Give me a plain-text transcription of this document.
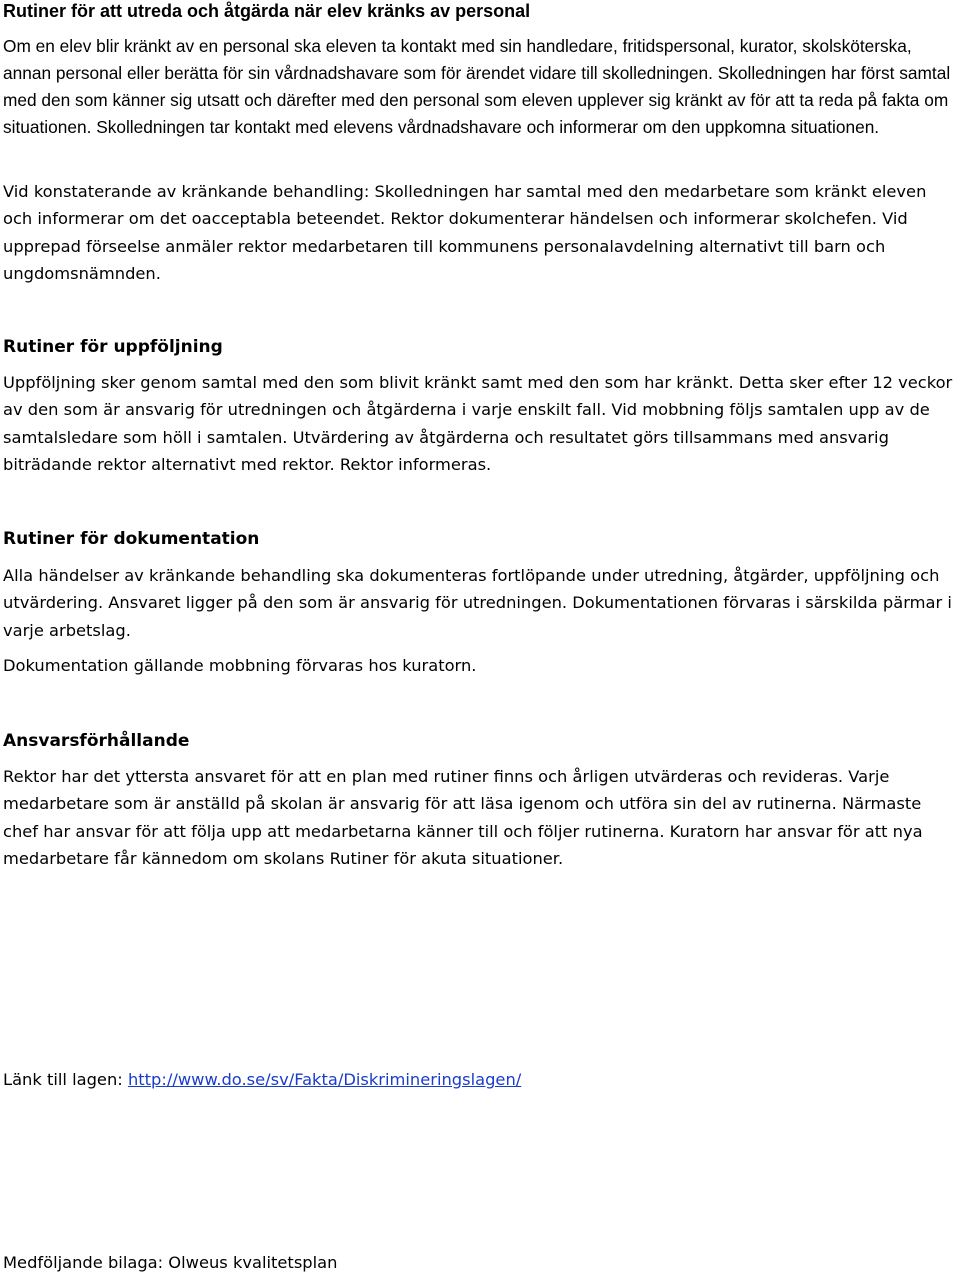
Rutiner för att utreda och åtgärda när elev kränks av personal

Om en elev blir kränkt av en personal ska eleven ta kontakt med sin handledare, fritidspersonal, kurator, skolsköterska, annan personal eller berätta för sin vårdnadshavare som för ärendet vidare till skolledningen. Skolledningen har först samtal med den som känner sig utsatt och därefter med den personal som eleven upplever sig kränkt av för att ta reda på fakta om situationen. Skolledningen tar kontakt med elevens vårdnadshavare och informerar om den uppkomna situationen.

Vid konstaterande av kränkande behandling: Skolledningen har samtal med den medarbetare som kränkt eleven och informerar om det oacceptabla beteendet. Rektor dokumenterar händelsen och informerar skolchefen. Vid upprepad förseelse anmäler rektor medarbetaren till kommunens personalavdelning alternativt till barn och ungdomsnämnden.

Rutiner för uppföljning

Uppföljning sker genom samtal med den som blivit kränkt samt med den som har kränkt. Detta sker efter 12 veckor av den som är ansvarig för utredningen och åtgärderna i varje enskilt fall. Vid mobbning följs samtalen upp av de samtalsledare som höll i samtalen. Utvärdering av åtgärderna och resultatet görs tillsammans med ansvarig biträdande rektor alternativt med rektor. Rektor informeras.

Rutiner för dokumentation

Alla händelser av kränkande behandling ska dokumenteras fortlöpande under utredning, åtgärder, uppföljning och utvärdering. Ansvaret ligger på den som är ansvarig för utredningen. Dokumentationen förvaras i särskilda pärmar i varje arbetslag.

Dokumentation gällande mobbning förvaras hos kuratorn.

Ansvarsförhållande

Rektor har det yttersta ansvaret för att en plan med rutiner finns och årligen utvärderas och revideras. Varje medarbetare som är anställd på skolan är ansvarig för att läsa igenom och utföra sin del av rutinerna. Närmaste chef har ansvar för att följa upp att medarbetarna känner till och följer rutinerna. Kuratorn har ansvar för att nya medarbetare får kännedom om skolans Rutiner för akuta situationer.

Länk till lagen: http://www.do.se/sv/Fakta/Diskrimineringslagen/

Medföljande bilaga: Olweus kvalitetsplan
